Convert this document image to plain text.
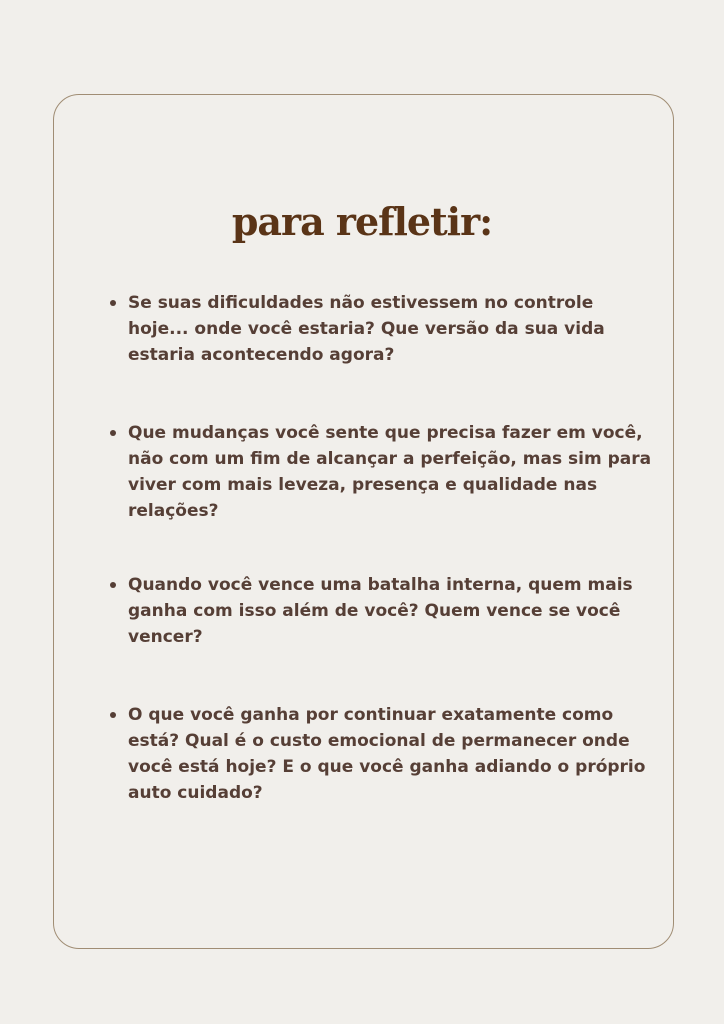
para refletir:
Se suas dificuldades não estivessem no controle hoje... onde você estaria? Que versão da sua vida estaria acontecendo agora?
Que mudanças você sente que precisa fazer em você, não com um fim de alcançar a perfeição, mas sim para viver com mais leveza, presença e qualidade nas relações?
Quando você vence uma batalha interna, quem mais ganha com isso além de você? Quem vence se você vencer?
O que você ganha por continuar exatamente como está? Qual é o custo emocional de permanecer onde você está hoje? E o que você ganha adiando o próprio auto cuidado?
